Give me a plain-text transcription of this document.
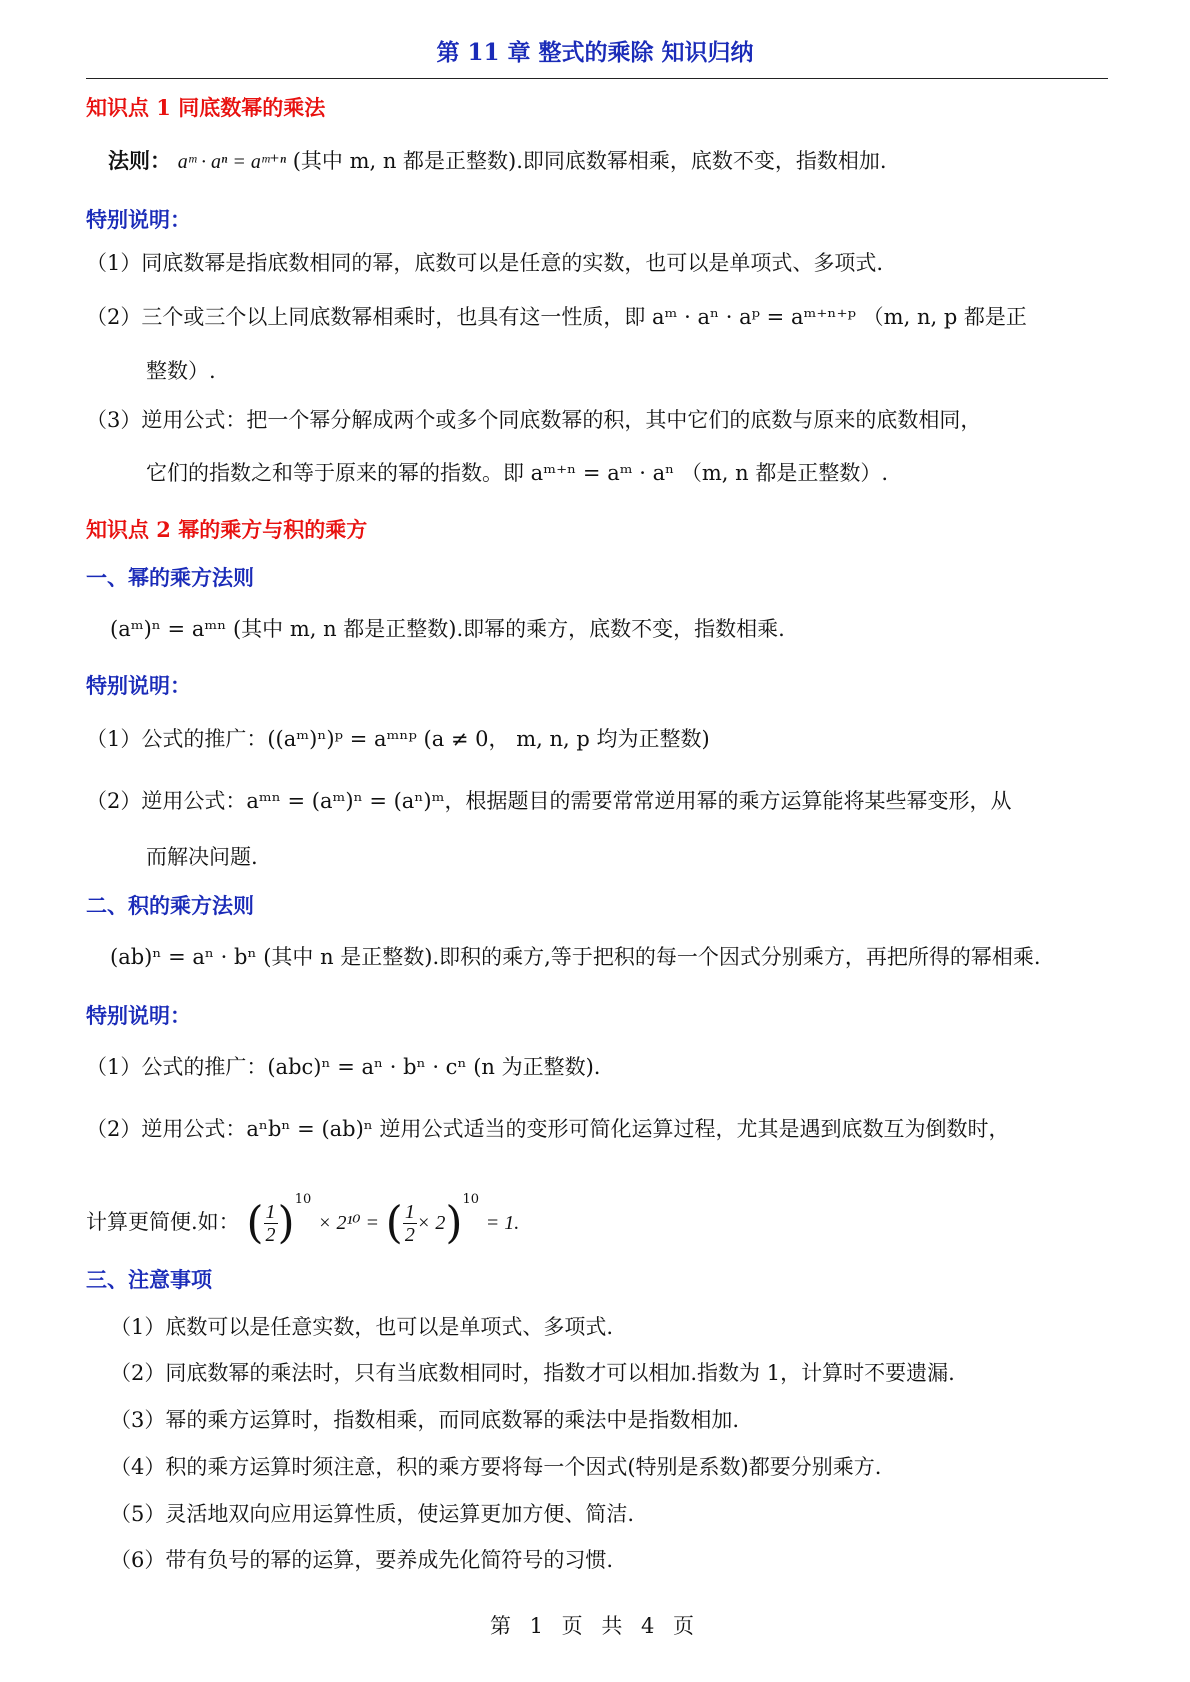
第 11 章 整式的乘除 知识归纳
知识点 1 同底数幂的乘法
法则： aᵐ · aⁿ = aᵐ⁺ⁿ (其中 m, n 都是正整数).即同底数幂相乘，底数不变，指数相加.
特别说明：
（1）同底数幂是指底数相同的幂，底数可以是任意的实数，也可以是单项式、多项式.
（2）三个或三个以上同底数幂相乘时，也具有这一性质，即 aᵐ · aⁿ · aᵖ = aᵐ⁺ⁿ⁺ᵖ （m, n, p 都是正
整数）.
（3）逆用公式：把一个幂分解成两个或多个同底数幂的积，其中它们的底数与原来的底数相同，
它们的指数之和等于原来的幂的指数。即 aᵐ⁺ⁿ = aᵐ · aⁿ （m, n 都是正整数）.
知识点 2 幂的乘方与积的乘方
一、幂的乘方法则
(aᵐ)ⁿ = aᵐⁿ (其中 m, n 都是正整数).即幂的乘方，底数不变，指数相乘.
特别说明：
（1）公式的推广：((aᵐ)ⁿ)ᵖ = aᵐⁿᵖ (a ≠ 0， m, n, p 均为正整数)
（2）逆用公式：aᵐⁿ = (aᵐ)ⁿ = (aⁿ)ᵐ，根据题目的需要常常逆用幂的乘方运算能将某些幂变形，从
而解决问题.
二、积的乘方法则
(ab)ⁿ = aⁿ · bⁿ (其中 n 是正整数).即积的乘方,等于把积的每一个因式分别乘方，再把所得的幂相乘.
特别说明：
（1）公式的推广：(abc)ⁿ = aⁿ · bⁿ · cⁿ (n 为正整数).
（2）逆用公式：aⁿbⁿ = (ab)ⁿ 逆用公式适当的变形可简化运算过程，尤其是遇到底数互为倒数时，
计算更简便.如： ( $\frac{1}{2} )^{10} \times 2^{10}$ = ( $\frac{1}{2} \times 2)^{10} = 1$.
三、注意事项
（1）底数可以是任意实数，也可以是单项式、多项式.
（2）同底数幂的乘法时，只有当底数相同时，指数才可以相加.指数为 1，计算时不要遗漏.
（3）幂的乘方运算时，指数相乘，而同底数幂的乘法中是指数相加.
（4）积的乘方运算时须注意，积的乘方要将每一个因式(特别是系数)都要分别乘方.
（5）灵活地双向应用运算性质，使运算更加方便、简洁.
（6）带有负号的幂的运算，要养成先化简符号的习惯.
第 1 页 共 4 页
